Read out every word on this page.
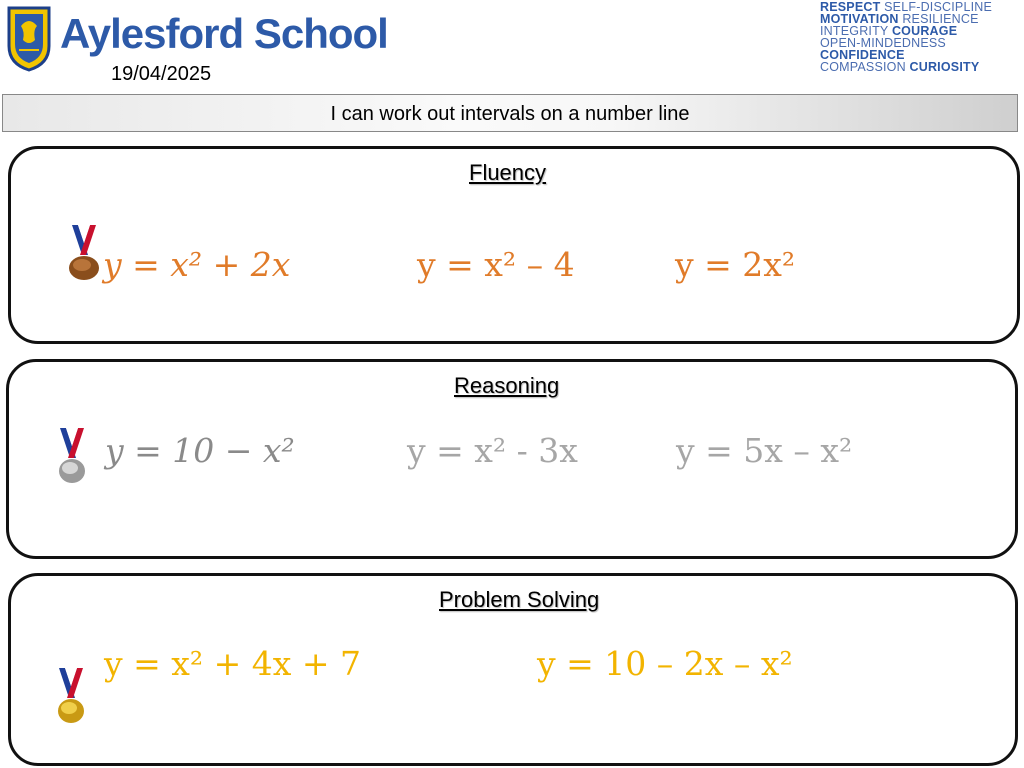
Aylesford School
19/04/2025
RESPECT SELF-DISCIPLINE
MOTIVATION RESILIENCE
INTEGRITY COURAGE
OPEN-MINDEDNESS
CONFIDENCE
COMPASSION CURIOSITY
I can work out intervals on a number line
Fluency
𝑦 = 𝑥² + 2𝑥	y = x² – 4	y = 2x²
Reasoning
𝑦 = 10 − 𝑥²	y = x² - 3x	y = 5x – x²
Problem Solving
y = x² + 4x + 7	y = 10 – 2x – x²
